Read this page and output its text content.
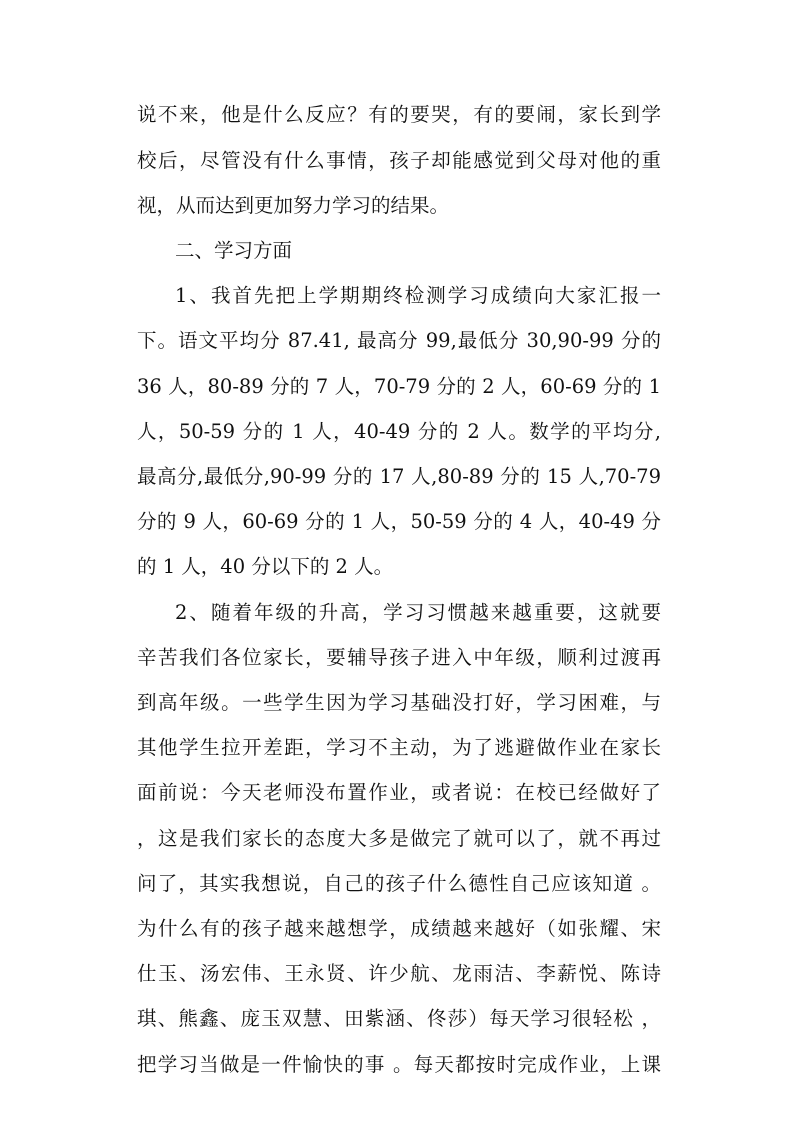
说不来，他是什么反应？有的要哭，有的要闹，家长到学
校后，尽管没有什么事情，孩子却能感觉到父母对他的重
视，从而达到更加努力学习的结果。
二、学习方面
1、我首先把上学期期终检测学习成绩向大家汇报一
下。语文平均分 87.41, 最高分 99,最低分 30,90-99 分的
36 人，80-89 分的 7 人，70-79 分的 2 人，60-69 分的 1
人，50-59 分的 1 人，40-49 分的 2 人。数学的平均分,
最高分,最低分,90-99 分的 17 人,80-89 分的 15 人,70-79
分的 9 人，60-69 分的 1 人，50-59 分的 4 人，40-49 分
的 1 人，40 分以下的 2 人。
2、随着年级的升高，学习习惯越来越重要，这就要
辛苦我们各位家长，要辅导孩子进入中年级，顺利过渡再
到高年级。一些学生因为学习基础没打好，学习困难，与
其他学生拉开差距，学习不主动，为了逃避做作业在家长
面前说：今天老师没布置作业，或者说：在校已经做好了
，这是我们家长的态度大多是做完了就可以了，就不再过
问了，其实我想说，自己的孩子什么德性自己应该知道 。
为什么有的孩子越来越想学，成绩越来越好（如张耀、宋
仕玉、汤宏伟、王永贤、许少航、龙雨洁、李薪悦、陈诗
琪、熊鑫、庞玉双慧、田紫涵、佟莎）每天学习很轻松 ，
把学习当做是一件愉快的事 。每天都按时完成作业，上课
